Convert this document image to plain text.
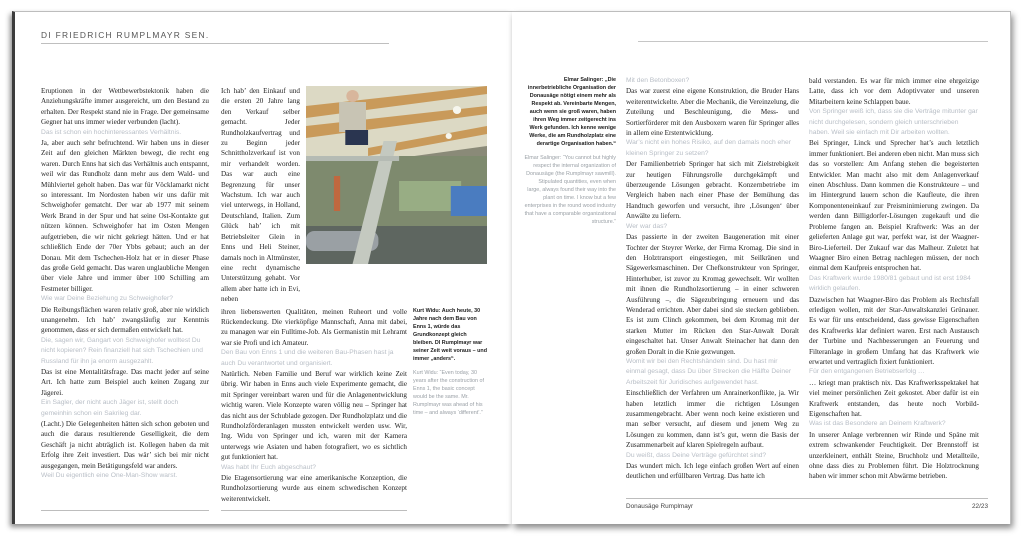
DI FRIEDRICH RUMPLMAYR SEN.

Eruptionen in der Wettbewerbstektonik haben die Anziehungskräfte immer ausgereicht, um den Bestand zu erhalten. Der Respekt stand nie in Frage. Der gemeinsame Gegner hat uns immer wieder verbunden (lacht).

Das ist schon ein hochinteressantes Verhältnis.

Ja, aber auch sehr befruchtend. Wir haben uns in dieser Zeit auf den gleichen Märkten bewegt, die recht eng waren. Durch Enns hat sich das Verhältnis auch entspannt, weil wir das Rundholz dann mehr aus dem Wald- und Mühlviertel geholt haben. Das war für Vöcklamarkt nicht so interessant. Im Nordosten haben wir uns dafür mit Schweighofer gematcht. Der war ab 1977 mit seinem Werk Brand in der Spur und hat seine Ost-Kontakte gut nützen können. Schweighofer hat im Osten Mengen aufgetrieben, die wir nicht gekriegt hätten. Und er hat schließlich Ende der 70er Ybbs gebaut; auch an der Donau. Mit dem Tschechen-Holz hat er in dieser Phase das große Geld gemacht. Das waren unglaubliche Mengen über viele Jahre und immer über 100 Schilling am Festmeter billiger.

Wie war Deine Beziehung zu Schweighofer?

Die Reibungsflächen waren relativ groß, aber nie wirklich unangenehm. Ich hab’ zwangsläufig zur Kenntnis genommen, dass er sich dermaßen entwickelt hat.

Die, sagen wir, Gangart von Schweighofer wolltest Du nicht kopieren? Rein finanziell hat sich Tschechien und Russland für ihn ja enorm ausgezahlt.

Das ist eine Mentalitätsfrage. Das macht jeder auf seine Art. Ich hatte zum Beispiel auch keinen Zugang zur Jägerei.

Ein Sagler, der nicht auch Jäger ist, stellt doch gemeinhin schon ein Sakrileg dar.

(Lacht.) Die Gelegenheiten hätten sich schon geboten und auch die daraus resultierende Geselligkeit, die dem Geschäft ja nicht abträglich ist. Kollegen haben da mit Erfolg ihre Zeit investiert. Das wär’ sich bei mir nicht ausgegangen, mein Betätigungsfeld war anders.

Weil Du eigentlich eine One-Man-Show warst.

Ich hab’ den Einkauf und die ersten 20 Jahre lang den Verkauf selber gemacht. Jeder Rundholzkaufvertrag und zu Beginn jeder Schnittholzverkauf ist von mir verhandelt worden. Das war auch eine Begrenzung für unser Wachstum. Ich war auch viel unterwegs, in Holland, Deutschland, Italien. Zum Glück hab’ ich mit Betriebsleiter Glein in Enns und Heli Steiner, damals noch in Altmünster, eine recht dynamische Unterstützung gehabt. Vor allem aber hatte ich in Evi, neben

ihren liebenswerten Qualitäten, meinen Ruheort und volle Rückendeckung. Die vierköpfige Mannschaft, Anna mit dabei, zu managen war ein Fulltime-Job. Als Germanistin mit Lehramt war sie Profi und ich Amateur.

Den Bau von Enns 1 und die weiteren Bau-Phasen hast ja auch Du verantwortet und organisiert.

Natürlich. Neben Familie und Beruf war wirklich keine Zeit übrig. Wir haben in Enns auch viele Experimente gemacht, die mit Springer vereinbart waren und für die Anlagenentwicklung wichtig waren. Viele Konzepte waren völlig neu – Springer hat das nicht aus der Schublade gezogen. Der Rundholzplatz und die Rundholzförderanlagen mussten entwickelt werden usw. Wir, Ing. Widu von Springer und ich, waren mit der Kamera unterwegs wie Asiaten und haben fotografiert, wo es sichtlich gut funktioniert hat.

Was habt Ihr Euch abgeschaut?

Die Etagensortierung war eine amerikanische Konzeption, die Rundholzsortierung wurde aus einem schwedischen Konzept weiterentwickelt.

Kurt Widu: Auch heute, 30 Jahre nach dem Bau von Enns 1, würde das Grundkonzept gleich bleiben. DI Rumplmayr war seiner Zeit weit voraus – und immer „anders“.
Kurt Widu: “Even today, 30 years after the construction of Enns 1, the basic concept would be the same. Mr. Rumplmayr was ahead of his time – and always ‘different’.”
Elmar Salinger: „Die innerbetriebliche Organisation der Donausäge nötigt einem mehr als Respekt ab. Vereinbarte Mengen, auch wenn sie groß waren, haben ihren Weg immer zeitgerecht ins Werk gefunden. Ich kenne wenige Werke, die am Rundholzplatz eine derartige Organisation haben.“
Elmar Salinger: “You cannot but highly respect the internal organization of Donausäge (the Rumplmayr sawmill). Stipulated quantities, even when large, always found their way into the plant on time. I know but a few enterprises in the round wood industry that have a comparable organizational structure.”

Mit den Betonboxen?

Das war zuerst eine eigene Konstruktion, die Bruder Hans weiterentwickelte. Aber die Mechanik, die Vereinzelung, die Zuteilung und Beschleunigung, die Mess- und Sortierförderer mit den Ausboxern waren für Springer alles in allem eine Erstentwicklung.

War’s nicht ein hohes Risiko, auf den damals noch eher kleinen Springer zu setzen?

Der Familienbetrieb Springer hat sich mit Zielstrebigkeit zur heutigen Führungsrolle durchgekämpft und überzeugende Lösungen gebracht. Konzernbetriebe im Vergleich haben nach einer Phase der Bemühung das Handtuch geworfen und versucht, ihre ‚Lösungen‘ über Anwälte zu liefern.

Wer war das?

Das passierte in der zweiten Baugeneration mit einer Tochter der Steyrer Werke, der Firma Kromag. Die sind in den Holztransport eingestiegen, mit Seilkränen und Sägewerksmaschinen. Der Chefkonstrukteur von Springer, Hinterhuber, ist zuvor zu Kromag gewechselt. Wir wollten mit ihnen die Rundholzsortierung – in einer schweren Ausführung –, die Sägezubringung erneuern und das Wenderad errichten. Aber dabei sind sie stecken geblieben. Es ist zum Clinch gekommen, bei dem Kromag mit der starken Mutter im Rücken den Star-Anwalt Doralt eingeschaltet hat. Unser Anwalt Steinacher hat dann den großen Doralt in die Knie gezwungen.

Womit wir bei den Rechtshändeln sind. Du hast mir einmal gesagt, dass Du über Strecken die Hälfte Deiner Arbeitszeit für Juridisches aufgewendet hast.

Einschließlich der Verfahren um Anrainerkonflikte, ja. Wir haben letztlich immer die richtigen Lösungen zusammengebracht. Aber wenn noch keine existieren und man selber versucht, auf diesem und jenem Weg zu Lösungen zu kommen, dann ist’s gut, wenn die Basis der Zusammenarbeit auf klaren Spielregeln aufbaut.

Du weißt, dass Deine Verträge gefürchtet sind?

Das wundert mich. Ich lege einfach großen Wert auf einen deutlichen und erfüllbaren Vertrag. Das hatte ich

bald verstanden. Es war für mich immer eine ehrgeizige Latte, dass ich vor dem Adoptivvater und unseren Mitarbeitern keine Schlappen baue.

Von Springer weiß ich, dass sie die Verträge mitunter gar nicht durchgelesen, sondern gleich unterschrieben haben. Weil sie einfach mit Dir arbeiten wollten.

Bei Springer, Linck und Sprecher hat’s auch letztlich immer funktioniert. Bei anderen eben nicht. Man muss sich das so vorstellen: Am Anfang stehen die begeisterten Entwickler. Man macht also mit dem Anlagenverkauf einen Abschluss. Dann kommen die Konstrukteure – und im Hintergrund lauern schon die Kaufleute, die ihren Komponenteneinkauf zur Preisminimierung zwingen. Da werden dann Billigdorfer-Lösungen zugekauft und die Probleme fangen an. Beispiel Kraftwerk: Was an der gelieferten Anlage gut war, perfekt war, ist der Waagner-Biro-Lieferteil. Der Zukauf war das Malheur. Zuletzt hat Waagner Biro einen Betrag nachlegen müssen, der noch einmal dem Kaufpreis entsprochen hat.

Das Kraftwerk wurde 1980/81 gebaut und ist erst 1984 wirklich gelaufen.

Dazwischen hat Waagner-Biro das Problem als Rechtsfall erledigen wollen, mit der Star-Anwaltskanzlei Grünauer. Es war für uns entscheidend, dass gewisse Eigenschaften des Kraftwerks klar definiert waren. Erst nach Austausch der Turbine und Nachbesserungen an Feuerung und Filteranlage in großem Umfang hat das Kraftwerk wie erwartet und vertraglich fixiert funktioniert.

Für den entgangenen Betriebserfolg …

… kriegt man praktisch nix. Das Kraftwerksspektakel hat viel meiner persönlichen Zeit gekostet. Aber dafür ist ein Kraftwerk entstanden, das heute noch Vorbild-Eigenschaften hat.

Was ist das Besondere an Deinem Kraftwerk?

In unserer Anlage verbrennen wir Rinde und Späne mit extrem schwankender Feuchtigkeit. Der Brennstoff ist unzerkleinert, enthält Steine, Bruchholz und Metallteile, ohne dass dies zu Problemen führt. Die Holztrocknung haben wir immer schon mit Abwärme betrieben.

Donausäge Rumplmayr	22/23
